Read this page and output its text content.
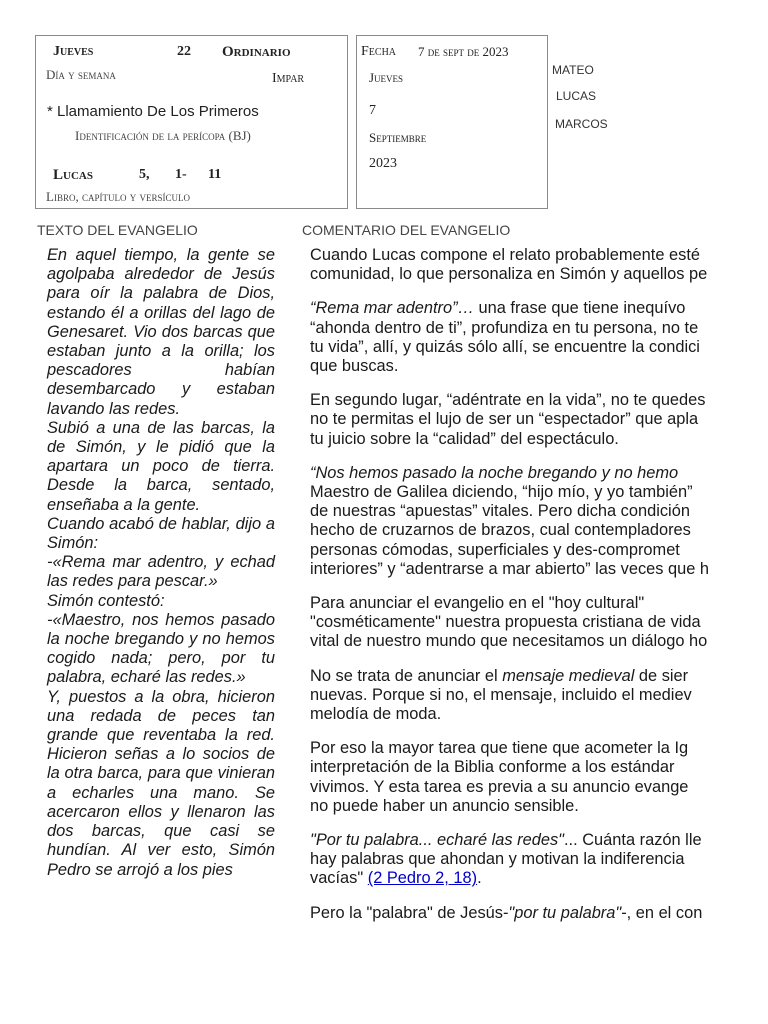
Jueves	22 Ordinario
Día y semana	Impar
* Llamamiento De Los Primeros
Identificación de la perícopa (BJ)
Lucas	5, 1- 11
Libro, capítulo y versículo
Fecha 7 de sept de 2023
Jueves
7
Septiembre
2023
MATEO
LUCAS
MARCOS
TEXTO DEL EVANGELIO	COMENTARIO DEL EVANGELIO

En aquel tiempo, la gente se agolpaba alrededor de Jesús para oír la palabra de Dios, estando él a orillas del lago de Genesaret. Vio dos barcas que estaban junto a la orilla; los pescadores habían desembarcado y estaban lavando las redes.

Subió a una de las barcas, la de Simón, y le pidió que la apartara un poco de tierra. Desde la barca, sentado, enseñaba a la gente.

Cuando acabó de hablar, dijo a Simón:

-«Rema mar adentro, y echad las redes para pescar.»

Simón contestó:

-«Maestro, nos hemos pasado la noche bregando y no hemos cogido nada; pero, por tu palabra, echaré las redes.»

Y, puestos a la obra, hicieron una redada de peces tan grande que reventaba la red. Hicieron señas a lo socios de la otra barca, para que vinieran a echarles una mano. Se acercaron ellos y llenaron las dos barcas, que casi se hundían. Al ver esto, Simón Pedro se arrojó a los pies

Cuando Lucas compone el relato probablemente esté
comunidad, lo que personaliza en Simón y aquellos pe

“Rema mar adentro”… una frase que tiene inequívo
“ahonda dentro de ti”, profundiza en tu persona, no te
tu vida”, allí, y quizás sólo allí, se encuentre la condici
que buscas.

En segundo lugar, “adéntrate en la vida”, no te quedes
no te permitas el lujo de ser un “espectador” que apla
tu juicio sobre la “calidad” del espectáculo.

“Nos hemos pasado la noche bregando y no hemo
Maestro de Galilea diciendo, “hijo mío, y yo también”
de nuestras “apuestas” vitales. Pero dicha condición
hecho de cruzarnos de brazos, cual contempladores
personas cómodas, superficiales y des-compromet
interiores” y “adentrarse a mar abierto” las veces que h

Para anunciar el evangelio en el "hoy cultural"
"cosméticamente" nuestra propuesta cristiana de vida
vital de nuestro mundo que necesitamos un diálogo ho

No se trata de anunciar el mensaje medieval de sier
nuevas. Porque si no, el mensaje, incluido el mediev
melodía de moda.

Por eso la mayor tarea que tiene que acometer la Ig
interpretación de la Biblia conforme a los estándar
vivimos. Y esta tarea es previa a su anuncio evange
no puede haber un anuncio sensible.

"Por tu palabra... echaré las redes"... Cuánta razón lle
hay palabras que ahondan y motivan la indiferencia
vacías" (2 Pedro 2, 18).

Pero la "palabra" de Jesús-"por tu palabra"-, en el con
